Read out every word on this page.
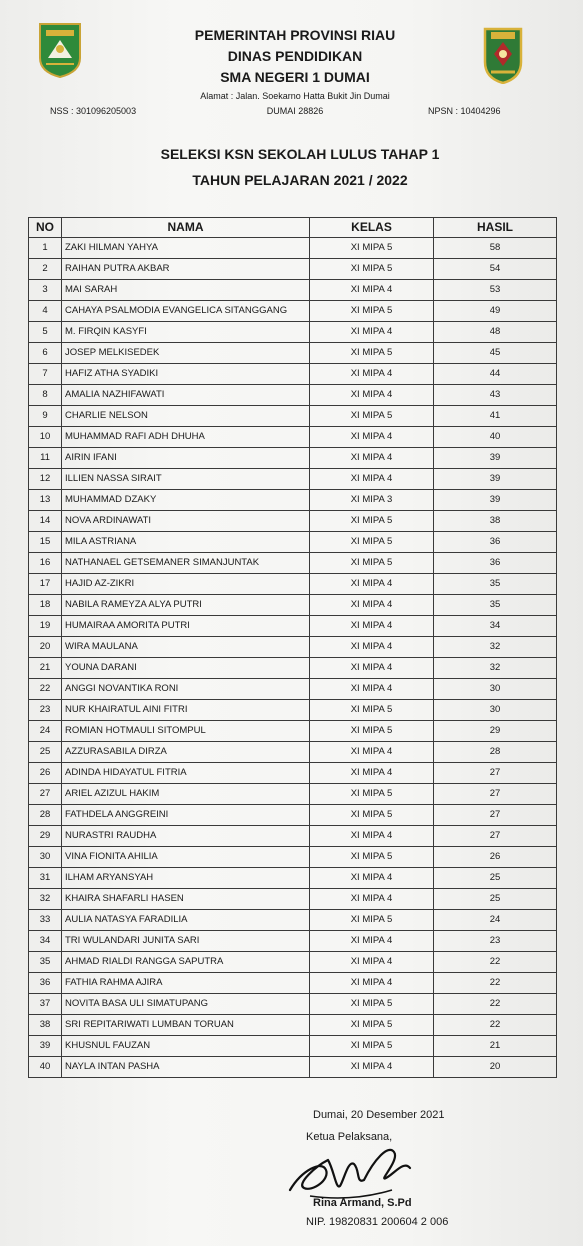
PEMERINTAH PROVINSI RIAU
DINAS PENDIDIKAN
SMA NEGERI 1 DUMAI
Alamat : Jalan. Soekarno Hatta Bukit Jin Dumai
DUMAI 28826
NSS : 301096205003	NPSN : 10404296
SELEKSI KSN SEKOLAH LULUS TAHAP 1
TAHUN PELAJARAN 2021 / 2022
NO	NAMA	KELAS	HASIL
1	ZAKI HILMAN YAHYA	XI MIPA 5	58
2	RAIHAN PUTRA AKBAR	XI MIPA 5	54
3	MAI SARAH	XI MIPA 4	53
4	CAHAYA PSALMODIA EVANGELICA SITANGGANG	XI MIPA 5	49
5	M. FIRQIN KASYFI	XI MIPA 4	48
6	JOSEP MELKISEDEK	XI MIPA 5	45
7	HAFIZ ATHA SYADIKI	XI MIPA 4	44
8	AMALIA NAZHIFAWATI	XI MIPA 4	43
9	CHARLIE NELSON	XI MIPA 5	41
10	MUHAMMAD RAFI ADH DHUHA	XI MIPA 4	40
11	AIRIN IFANI	XI MIPA 4	39
12	ILLIEN NASSA SIRAIT	XI MIPA 4	39
13	MUHAMMAD DZAKY	XI MIPA 3	39
14	NOVA ARDINAWATI	XI MIPA 5	38
15	MILA ASTRIANA	XI MIPA 5	36
16	NATHANAEL GETSEMANER SIMANJUNTAK	XI MIPA 5	36
17	HAJID AZ-ZIKRI	XI MIPA 4	35
18	NABILA RAMEYZA ALYA PUTRI	XI MIPA 4	35
19	HUMAIRAA AMORITA PUTRI	XI MIPA 4	34
20	WIRA MAULANA	XI MIPA 4	32
21	YOUNA DARANI	XI MIPA 4	32
22	ANGGI NOVANTIKA RONI	XI MIPA 4	30
23	NUR KHAIRATUL AINI FITRI	XI MIPA 5	30
24	ROMIAN HOTMAULI SITOMPUL	XI MIPA 5	29
25	AZZURASABILA DIRZA	XI MIPA 4	28
26	ADINDA HIDAYATUL FITRIA	XI MIPA 4	27
27	ARIEL AZIZUL HAKIM	XI MIPA 5	27
28	FATHDELA ANGGREINI	XI MIPA 5	27
29	NURASTRI RAUDHA	XI MIPA 4	27
30	VINA FIONITA AHILIA	XI MIPA 5	26
31	ILHAM ARYANSYAH	XI MIPA 4	25
32	KHAIRA SHAFARLI HASEN	XI MIPA 4	25
33	AULIA NATASYA FARADILIA	XI MIPA 5	24
34	TRI WULANDARI JUNITA SARI	XI MIPA 4	23
35	AHMAD RIALDI RANGGA SAPUTRA	XI MIPA 4	22
36	FATHIA RAHMA AJIRA	XI MIPA 4	22
37	NOVITA BASA ULI SIMATUPANG	XI MIPA 5	22
38	SRI REPITARIWATI LUMBAN TORUAN	XI MIPA 5	22
39	KHUSNUL FAUZAN	XI MIPA 5	21
40	NAYLA INTAN PASHA	XI MIPA 4	20
Dumai, 20 Desember 2021
Ketua Pelaksana,
Rina Armand, S.Pd
NIP. 19820831 200604 2 006
